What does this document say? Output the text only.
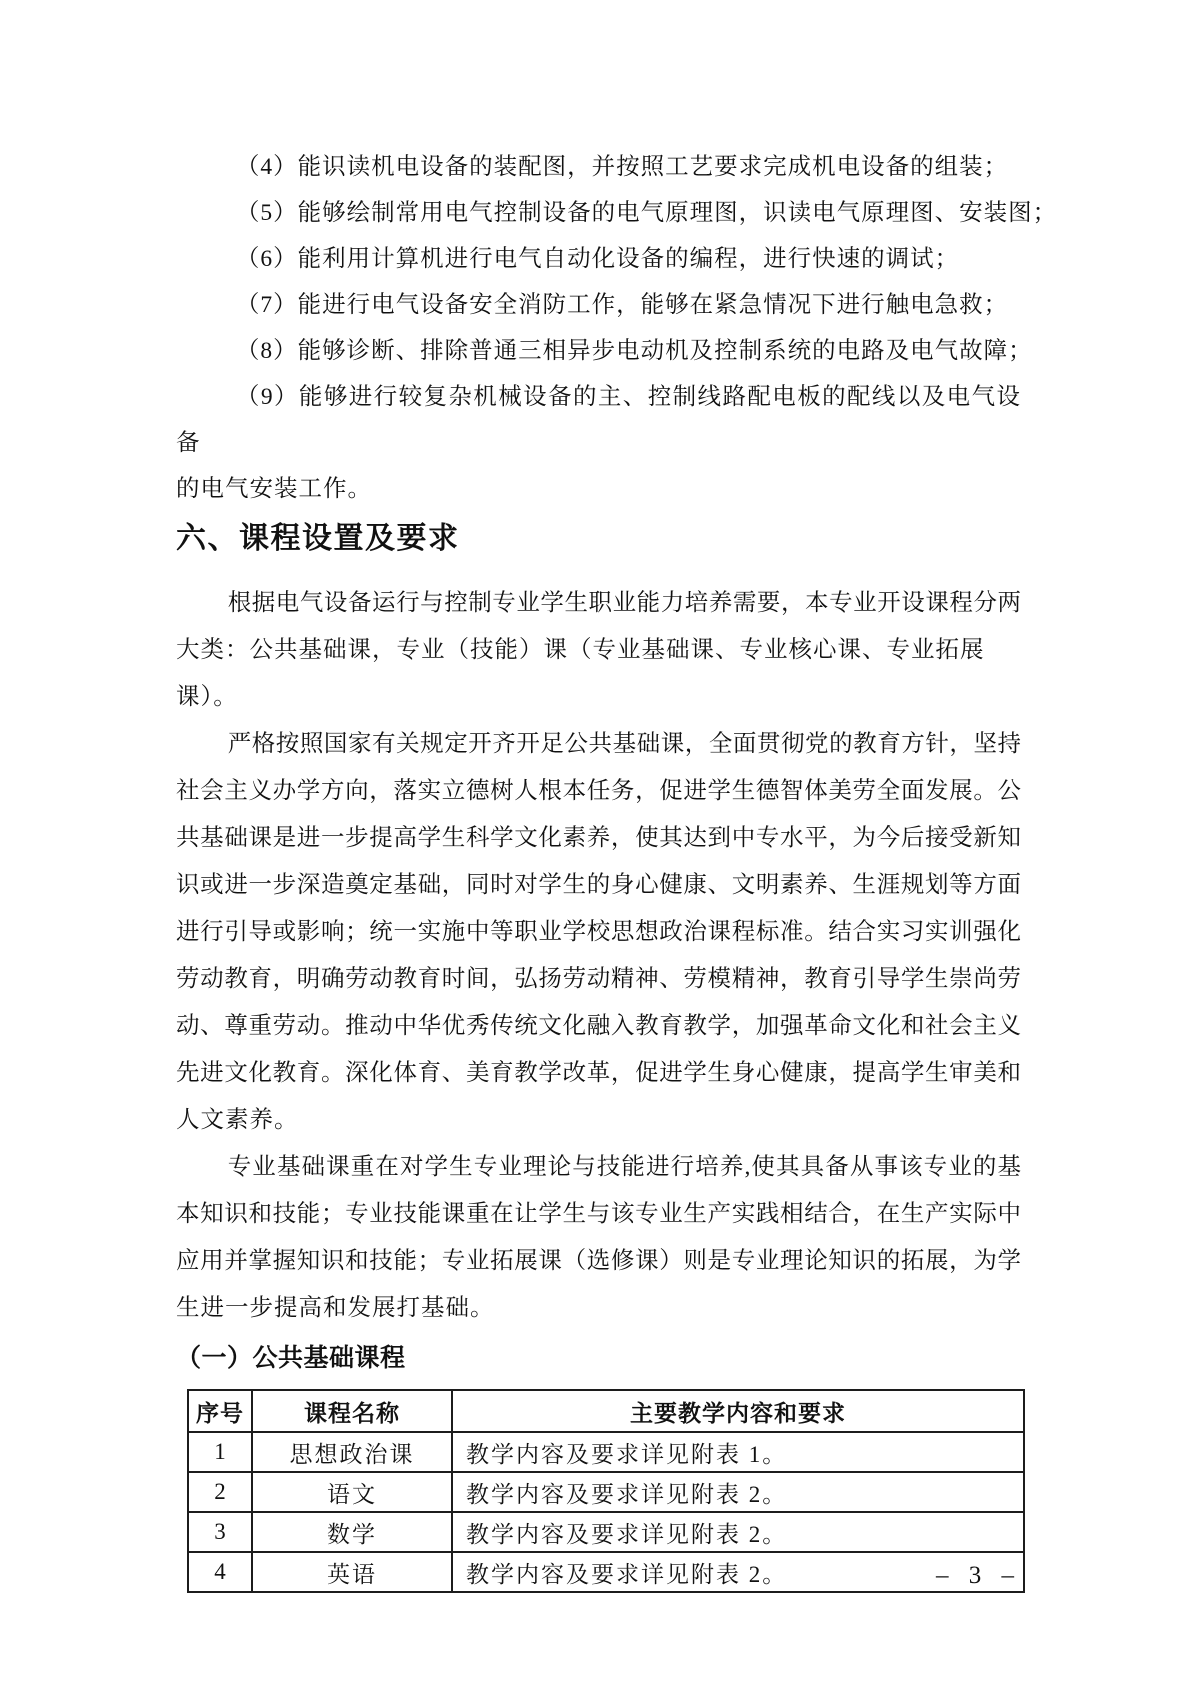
（4）能识读机电设备的装配图，并按照工艺要求完成机电设备的组装；
（5）能够绘制常用电气控制设备的电气原理图，识读电气原理图、安装图；
（6）能利用计算机进行电气自动化设备的编程，进行快速的调试；
（7）能进行电气设备安全消防工作，能够在紧急情况下进行触电急救；
（8）能够诊断、排除普通三相异步电动机及控制系统的电路及电气故障；
（9）能够进行较复杂机械设备的主、控制线路配电板的配线以及电气设备
的电气安装工作。
六、课程设置及要求
根据电气设备运行与控制专业学生职业能力培养需要，本专业开设课程分两
大类：公共基础课，专业（技能）课（专业基础课、专业核心课、专业拓展课）。
严格按照国家有关规定开齐开足公共基础课，全面贯彻党的教育方针，坚持
社会主义办学方向，落实立德树人根本任务，促进学生德智体美劳全面发展。公
共基础课是进一步提高学生科学文化素养，使其达到中专水平，为今后接受新知
识或进一步深造奠定基础，同时对学生的身心健康、文明素养、生涯规划等方面
进行引导或影响；统一实施中等职业学校思想政治课程标准。结合实习实训强化
劳动教育，明确劳动教育时间，弘扬劳动精神、劳模精神，教育引导学生崇尚劳
动、尊重劳动。推动中华优秀传统文化融入教育教学，加强革命文化和社会主义
先进文化教育。深化体育、美育教学改革，促进学生身心健康，提高学生审美和
人文素养。
专业基础课重在对学生专业理论与技能进行培养,使其具备从事该专业的基
本知识和技能；专业技能课重在让学生与该专业生产实践相结合，在生产实际中
应用并掌握知识和技能；专业拓展课（选修课）则是专业理论知识的拓展，为学
生进一步提高和发展打基础。
（一）公共基础课程
序号	课程名称	主要教学内容和要求
1	思想政治课	教学内容及要求详见附表 1。
2	语文	教学内容及要求详见附表 2。
3	数学	教学内容及要求详见附表 2。
4	英语	教学内容及要求详见附表 2。	– 3 –
